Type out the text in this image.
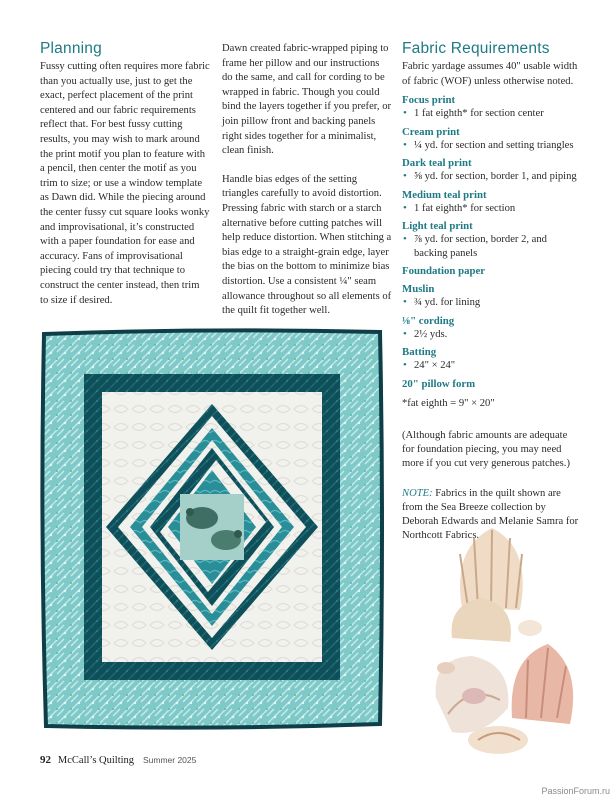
Planning

Fussy cutting often requires more fabric than you actually use, just to get the exact, perfect placement of the print centered and our fabric requirements reflect that. For best fussy cutting results, you may wish to mark around the print motif you plan to feature with a pencil, then center the motif as you trim to size; or use a window template as Dawn did. While the piecing around the center fussy cut square looks wonky and improvisational, it’s constructed with a paper foundation for ease and accuracy. Fans of improvisational piecing could try that technique to construct the center instead, then trim to size if desired.

Dawn created fabric-wrapped piping to frame her pillow and our instructions do the same, and call for cording to be wrapped in fabric. Though you could bind the layers together if you prefer, or join pillow front and backing panels right sides together for a minimalist, clean finish.

Handle bias edges of the setting triangles carefully to avoid distortion. Pressing fabric with starch or a starch alternative before cutting patches will help reduce distortion. When stitching a bias edge to a straight-grain edge, layer the bias on the bottom to minimize bias distortion. Use a consistent ¼" seam allowance throughout so all elements of the quilt fit together well.

Fabric Requirements

Fabric yardage assumes 40" usable width of fabric (WOF) unless otherwise noted.

Focus print
• 1 fat eighth* for section center
Cream print
• ¼ yd. for section and setting triangles
Dark teal print
• ⅝ yd. for section, border 1, and piping
Medium teal print
• 1 fat eighth* for section
Light teal print
• ⅞ yd. for section, border 2, and backing panels
Foundation paper
Muslin
• ¾ yd. for lining
⅛" cording
• 2½ yds.
Batting
• 24" × 24"
20" pillow form

*fat eighth = 9" × 20"

(Although fabric amounts are adequate for foundation piecing, you may need more if you cut very generous patches.)

NOTE: Fabrics in the quilt shown are from the Sea Breeze collection by Deborah Edwards and Melanie Samra for Northcott Fabrics.

92 McCall’s Quilting Summer 2025
PassionForum.ru
